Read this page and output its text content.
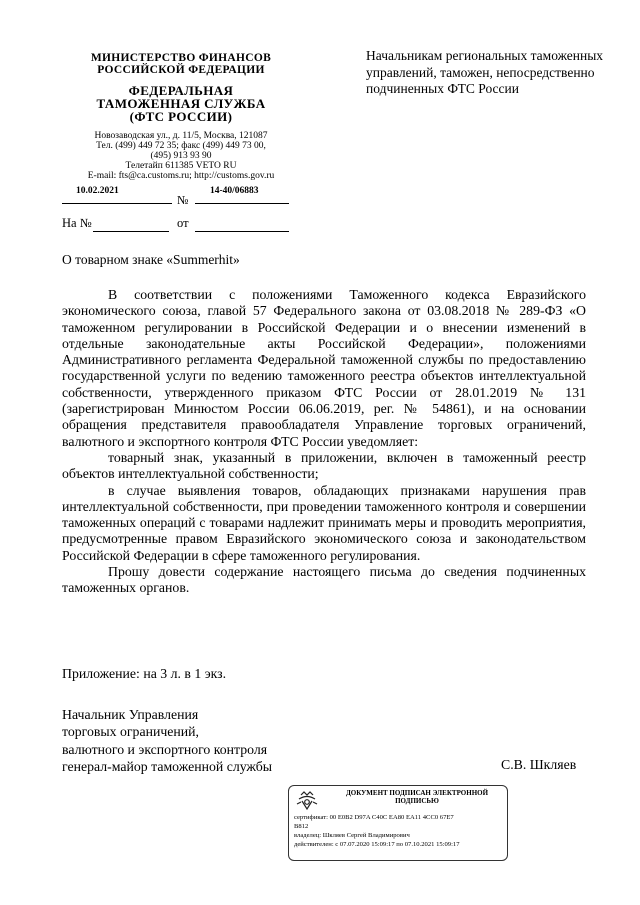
МИНИСТЕРСТВО ФИНАНСОВ
РОССИЙСКОЙ ФЕДЕРАЦИИ
ФЕДЕРАЛЬНАЯ
ТАМОЖЕННАЯ СЛУЖБА
(ФТС РОССИИ)
Новозаводская ул., д. 11/5, Москва, 121087
Тел. (499) 449 72 35; факс (499) 449 73 00,
(495) 913 93 90
Телетайп 611385 VETO RU
E-mail: fts@ca.customs.ru; http://customs.gov.ru
10.02.2021	14-40/06883
№
На №	от
Начальникам региональных таможенных управлений, таможен, непосредственно подчиненных ФТС России
О товарном знаке «Summerhit»

В соответствии с положениями Таможенного кодекса Евразийского экономического союза, главой 57 Федерального закона от 03.08.2018 № 289-ФЗ «О таможенном регулировании в Российской Федерации и о внесении изменений в отдельные законодательные акты Российской Федерации», положениями Административного регламента Федеральной таможенной службы по предоставлению государственной услуги по ведению таможенного реестра объектов интеллектуальной собственности, утвержденного приказом ФТС России от 28.01.2019 № 131 (зарегистрирован Минюстом России 06.06.2019, рег. № 54861), и на основании обращения представителя правообладателя Управление торговых ограничений, валютного и экспортного контроля ФТС России уведомляет:

товарный знак, указанный в приложении, включен в таможенный реестр объектов интеллектуальной собственности;

в случае выявления товаров, обладающих признаками нарушения прав интеллектуальной собственности, при проведении таможенного контроля и совершении таможенных операций с товарами надлежит принимать меры и проводить мероприятия, предусмотренные правом Евразийского экономического союза и законодательством Российской Федерации в сфере таможенного регулирования.

Прошу довести содержание настоящего письма до сведения подчиненных таможенных органов.

Приложение: на 3 л. в 1 экз.
Начальник Управления
торговых ограничений,
валютного и экспортного контроля
генерал-майор таможенной службы	С.В. Шкляев
ДОКУМЕНТ ПОДПИСАН ЭЛЕКТРОННОЙ
ПОДПИСЬЮ
сертификат: 00 E0B2 D97A C40C EA80 EA11 4CC0 67E7
B812
владелец: Шкляев Сергей Владимирович
действителен: с 07.07.2020 15:09:17 по 07.10.2021 15:09:17
